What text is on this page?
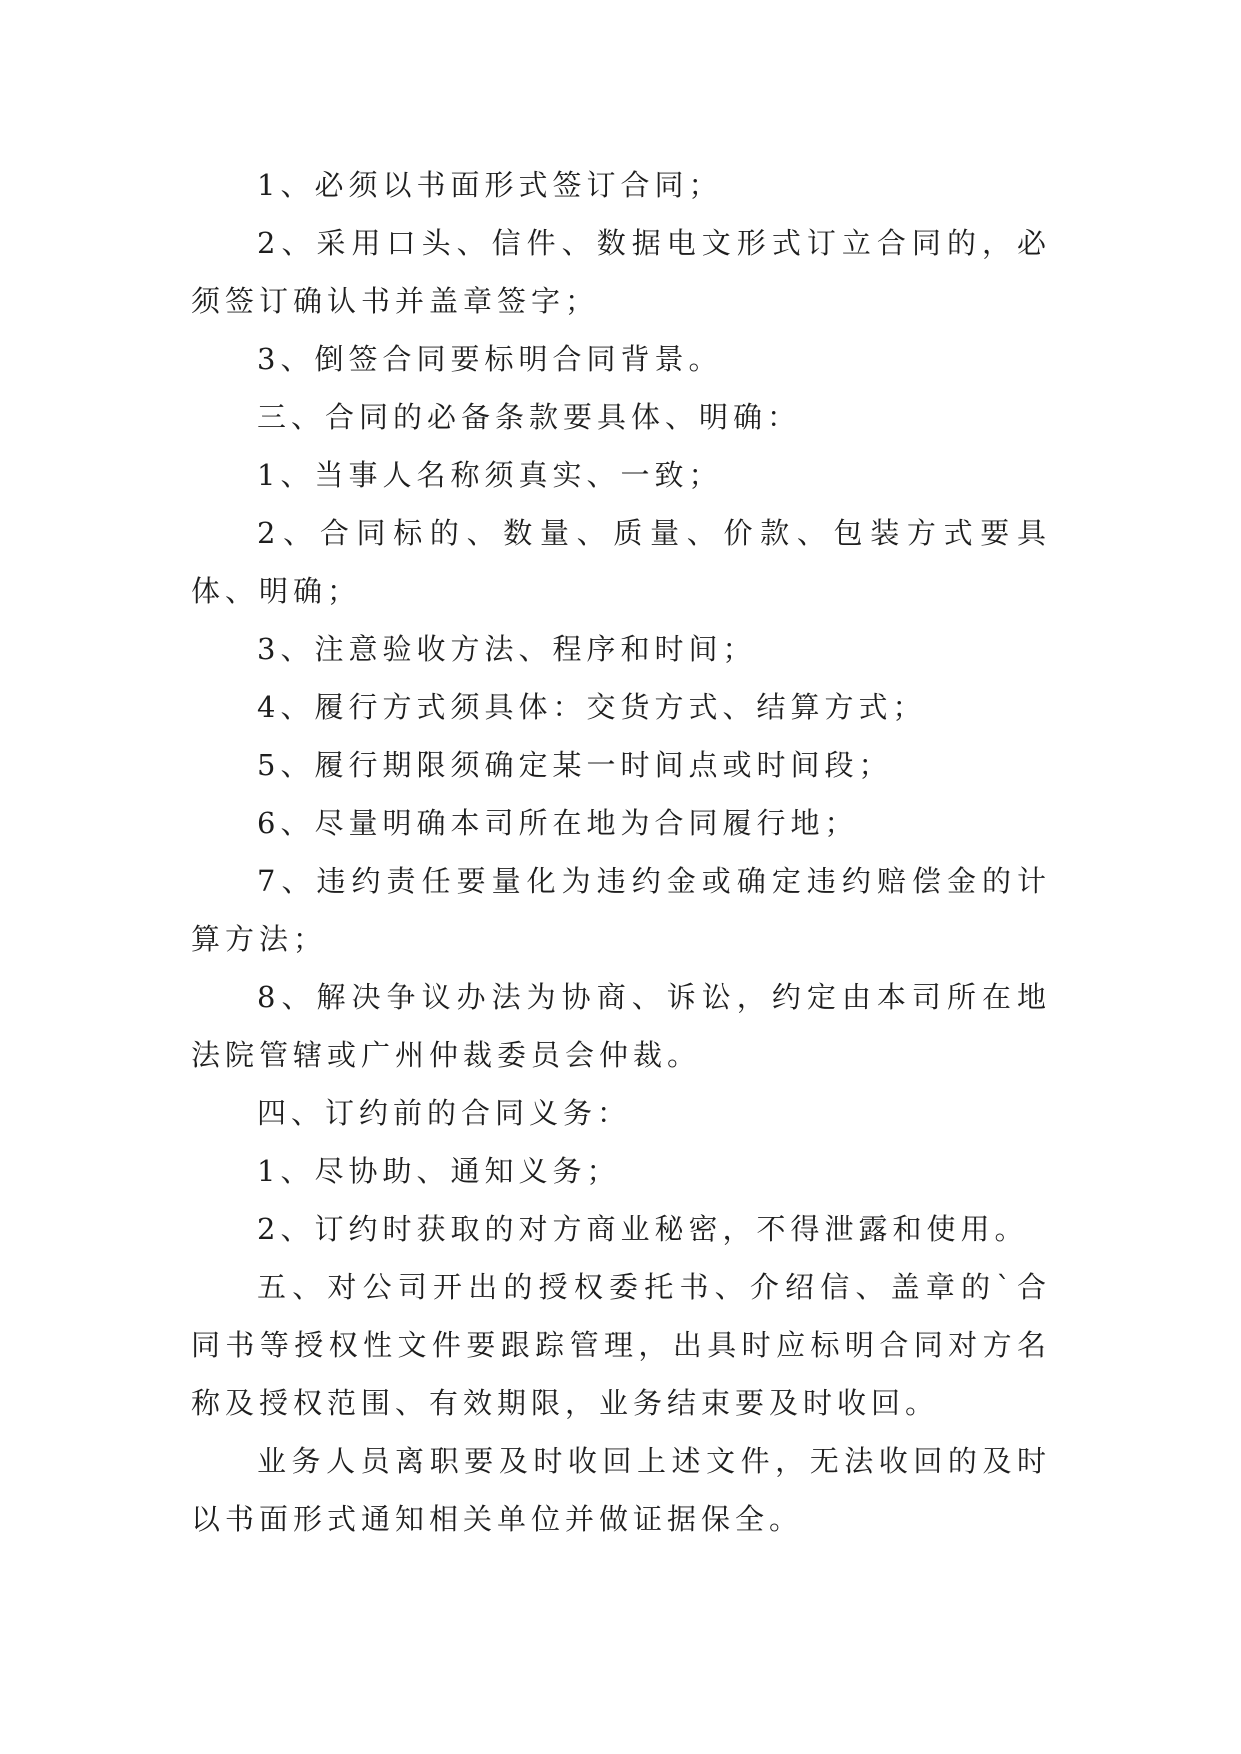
1、必须以书面形式签订合同；

2、采用口头、信件、数据电文形式订立合同的，必须签订确认书并盖章签字；

3、倒签合同要标明合同背景。

三、合同的必备条款要具体、明确：

1、当事人名称须真实、一致；

2、合同标的、数量、质量、价款、包装方式要具体、明确；

3、注意验收方法、程序和时间；

4、履行方式须具体：交货方式、结算方式；

5、履行期限须确定某一时间点或时间段；

6、尽量明确本司所在地为合同履行地；

7、违约责任要量化为违约金或确定违约赔偿金的计算方法；

8、解决争议办法为协商、诉讼，约定由本司所在地法院管辖或广州仲裁委员会仲裁。

四、订约前的合同义务：

1、尽协助、通知义务；

2、订约时获取的对方商业秘密，不得泄露和使用。

五、对公司开出的授权委托书、介绍信、盖章的`合同书等授权性文件要跟踪管理，出具时应标明合同对方名称及授权范围、有效期限，业务结束要及时收回。

业务人员离职要及时收回上述文件，无法收回的及时以书面形式通知相关单位并做证据保全。
